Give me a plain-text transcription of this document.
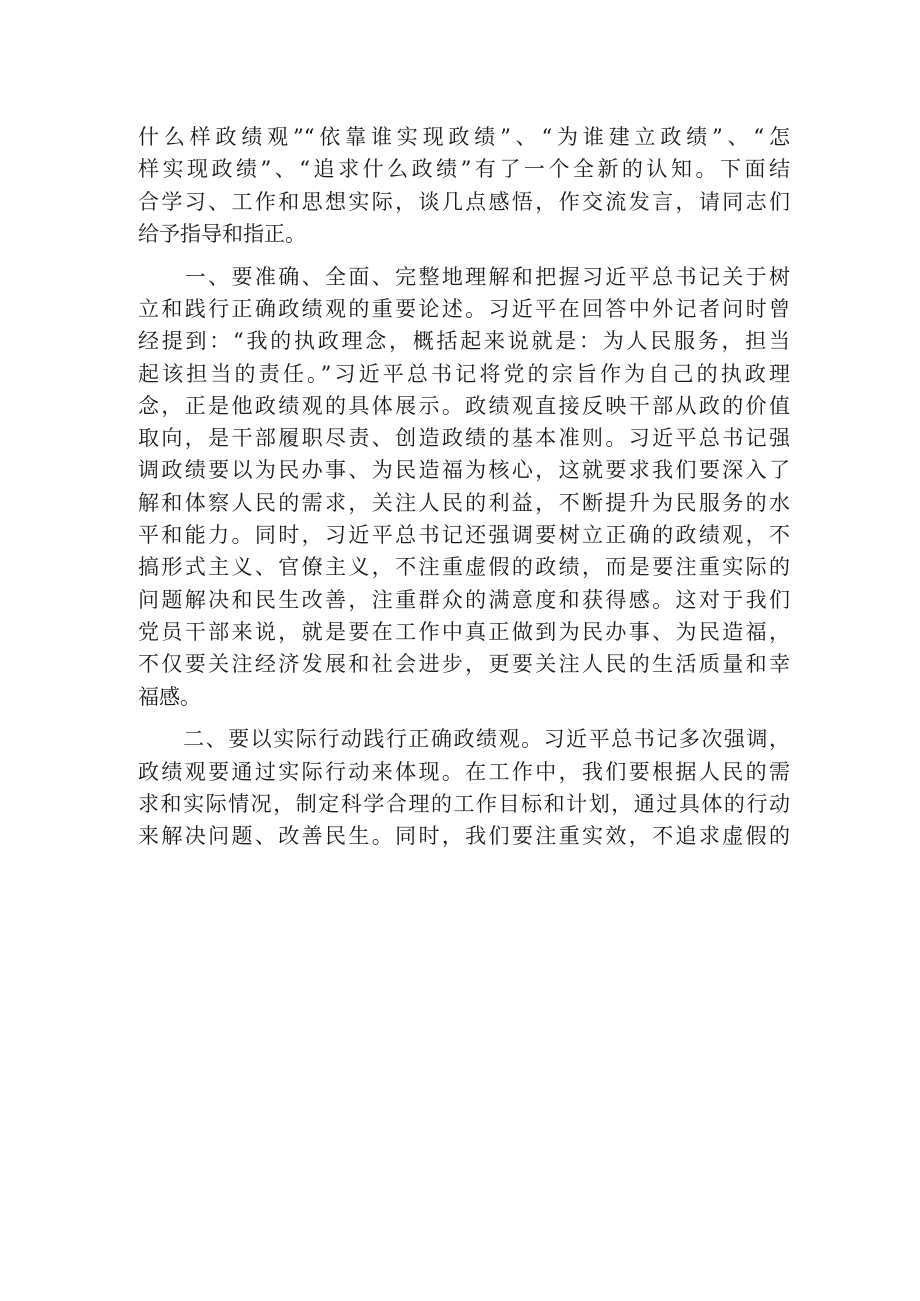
什么样政绩观”“依靠谁实现政绩”、“为谁建立政绩”、“怎
样实现政绩”、“追求什么政绩”有了一个全新的认知。下面结
合学习、工作和思想实际，谈几点感悟，作交流发言，请同志们
给予指导和指正。
　　一、要准确、全面、完整地理解和把握习近平总书记关于树
立和践行正确政绩观的重要论述。习近平在回答中外记者问时曾
经提到：“我的执政理念，概括起来说就是：为人民服务，担当
起该担当的责任。”习近平总书记将党的宗旨作为自己的执政理
念，正是他政绩观的具体展示。政绩观直接反映干部从政的价值
取向，是干部履职尽责、创造政绩的基本准则。习近平总书记强
调政绩要以为民办事、为民造福为核心，这就要求我们要深入了
解和体察人民的需求，关注人民的利益，不断提升为民服务的水
平和能力。同时，习近平总书记还强调要树立正确的政绩观，不
搞形式主义、官僚主义，不注重虚假的政绩，而是要注重实际的
问题解决和民生改善，注重群众的满意度和获得感。这对于我们
党员干部来说，就是要在工作中真正做到为民办事、为民造福，
不仅要关注经济发展和社会进步，更要关注人民的生活质量和幸
福感。
　　二、要以实际行动践行正确政绩观。习近平总书记多次强调，
政绩观要通过实际行动来体现。在工作中，我们要根据人民的需
求和实际情况，制定科学合理的工作目标和计划，通过具体的行动
来解决问题、改善民生。同时，我们要注重实效，不追求虚假的
